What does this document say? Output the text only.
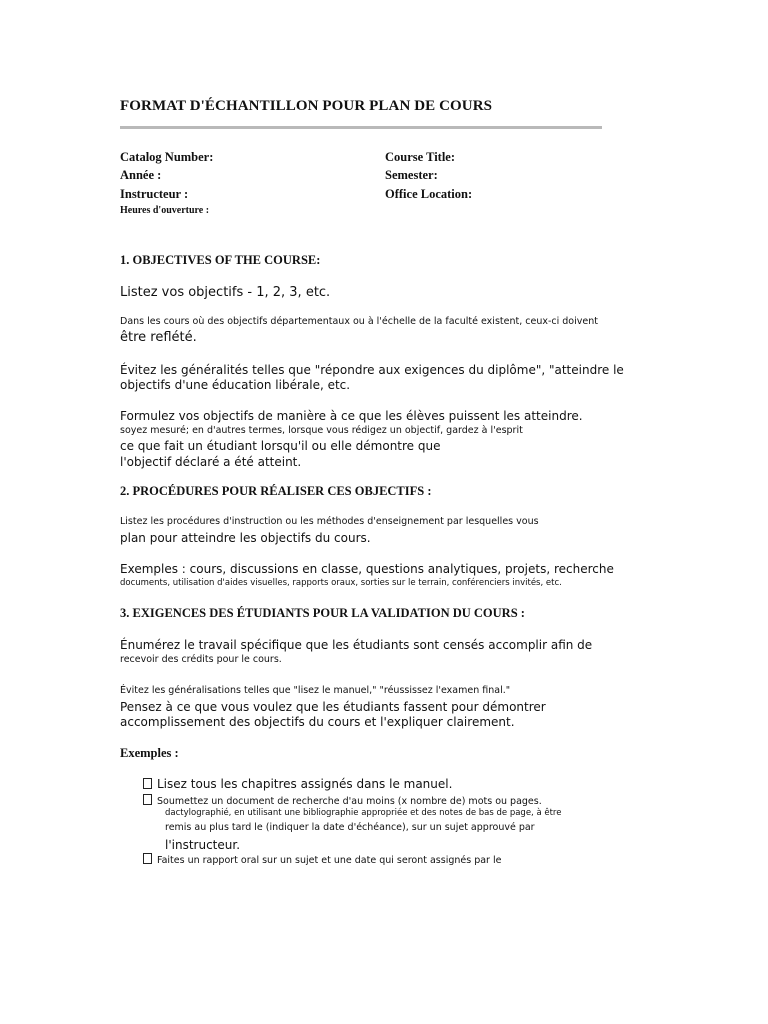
FORMAT D'ÉCHANTILLON POUR PLAN DE COURS
Catalog Number:	Course Title:
Année :	Semester:
Instructeur :	Office Location:
Heures d'ouverture :
1. OBJECTIVES OF THE COURSE:
Listez vos objectifs - 1, 2, 3, etc.
Dans les cours où des objectifs départementaux ou à l'échelle de la faculté existent, ceux-ci doivent
être reflété.
Évitez les généralités telles que "répondre aux exigences du diplôme", "atteindre le
objectifs d'une éducation libérale, etc.
Formulez vos objectifs de manière à ce que les élèves puissent les atteindre.
soyez mesuré; en d'autres termes, lorsque vous rédigez un objectif, gardez à l'esprit
ce que fait un étudiant lorsqu'il ou elle démontre que
l'objectif déclaré a été atteint.
2. PROCÉDURES POUR RÉALISER CES OBJECTIFS :
Listez les procédures d'instruction ou les méthodes d'enseignement par lesquelles vous
plan pour atteindre les objectifs du cours.
Exemples : cours, discussions en classe, questions analytiques, projets, recherche
documents, utilisation d'aides visuelles, rapports oraux, sorties sur le terrain, conférenciers invités, etc.
3. EXIGENCES DES ÉTUDIANTS POUR LA VALIDATION DU COURS :
Énumérez le travail spécifique que les étudiants sont censés accomplir afin de
recevoir des crédits pour le cours.
Évitez les généralisations telles que "lisez le manuel," "réussissez l'examen final."
Pensez à ce que vous voulez que les étudiants fassent pour démontrer
accomplissement des objectifs du cours et l'expliquer clairement.
Exemples :
Lisez tous les chapitres assignés dans le manuel.
Soumettez un document de recherche d'au moins (x nombre de) mots ou pages.
dactylographié, en utilisant une bibliographie appropriée et des notes de bas de page, à être
remis au plus tard le (indiquer la date d'échéance), sur un sujet approuvé par
l'instructeur.
Faites un rapport oral sur un sujet et une date qui seront assignés par le
